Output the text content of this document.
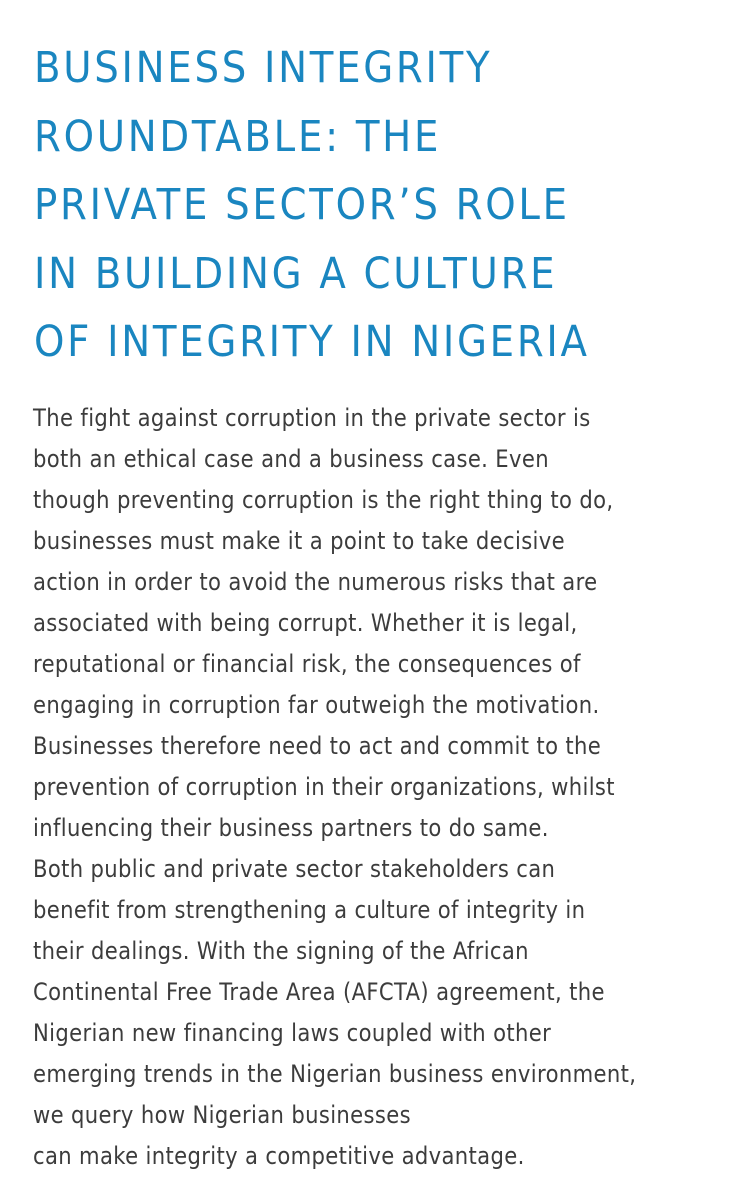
BUSINESS INTEGRITY
ROUNDTABLE: THE
PRIVATE SECTOR’S ROLE
IN BUILDING A CULTURE
OF INTEGRITY IN NIGERIA
The fight against corruption in the private sector is
both an ethical case and a business case. Even
though preventing corruption is the right thing to do,
businesses must make it a point to take decisive
action in order to avoid the numerous risks that are
associated with being corrupt. Whether it is legal,
reputational or financial risk, the consequences of
engaging in corruption far outweigh the motivation.
Businesses therefore need to act and commit to the
prevention of corruption in their organizations, whilst
influencing their business partners to do same.
Both public and private sector stakeholders can
benefit from strengthening a culture of integrity in
their dealings. With the signing of the African
Continental Free Trade Area (AFCTA) agreement, the
Nigerian new financing laws coupled with other
emerging trends in the Nigerian business environment,
we query how Nigerian businesses
can make integrity a competitive advantage.
